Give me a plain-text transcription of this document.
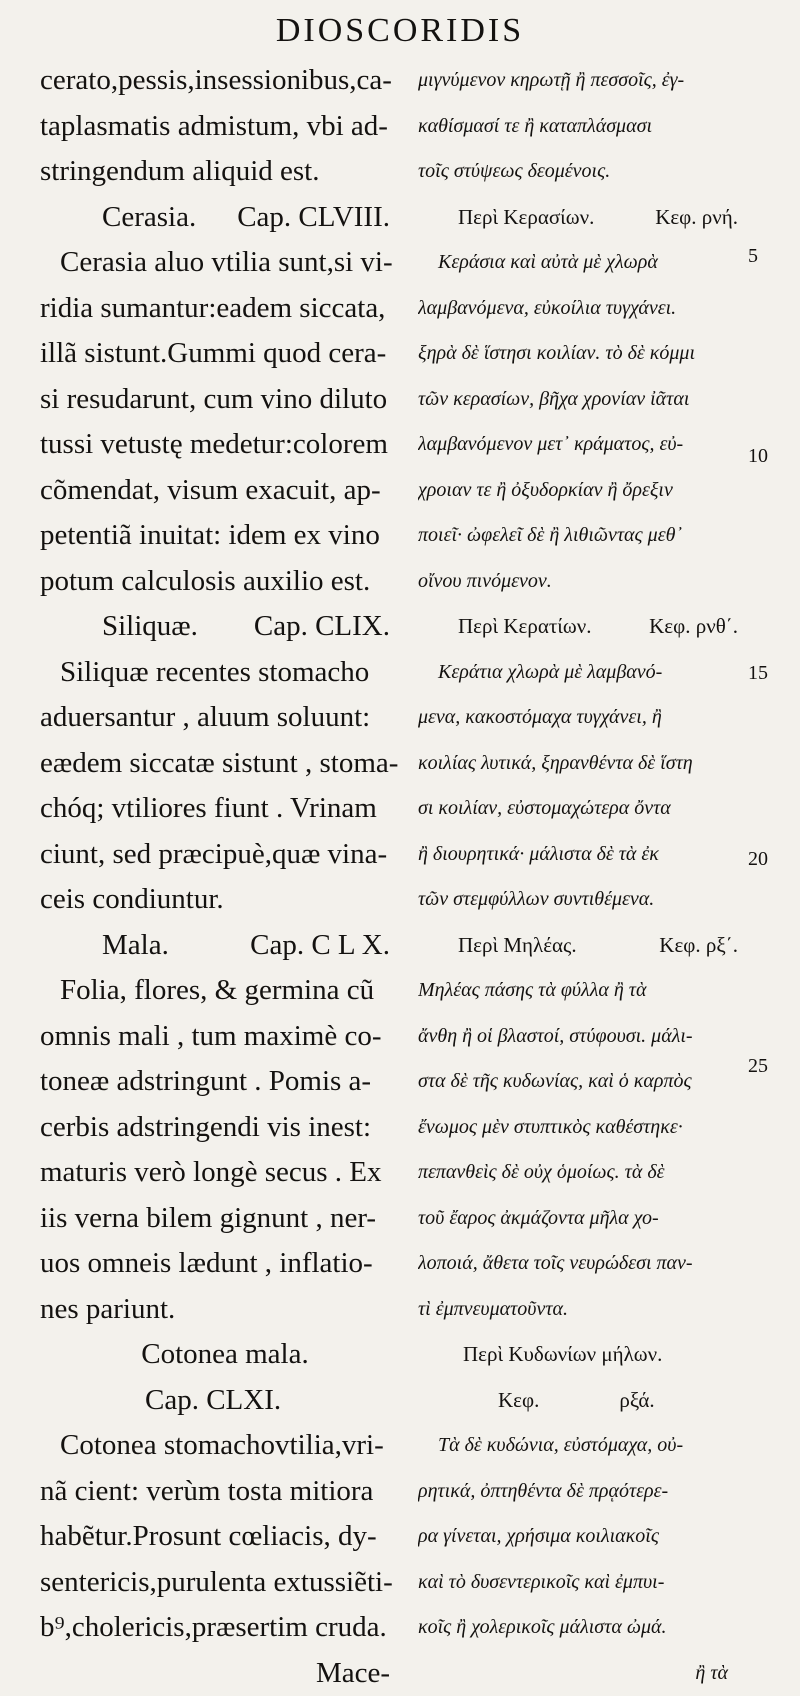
DIOSCORIDIS
cerato,pessis,insessionibus,ca-
taplasmatis admistum, vbi ad-
stringendum aliquid est.
Cerasia. Cap. CLVIII.
Cerasia aluo vtilia sunt,si vi-
ridia sumantur:eadem siccata,
illã sistunt.Gummi quod cera-
si resudarunt, cum vino diluto
tussi vetustę medetur:colorem
cõmendat, visum exacuit, ap-
petentiã inuitat: idem ex vino
potum calculosis auxilio est.
Siliquæ. Cap. CLIX.
Siliquæ recentes stomacho
aduersantur , aluum soluunt:
eædem siccatæ sistunt , stoma-
chóq; vtiliores fiunt . Vrinam
ciunt, sed præcipuè,quæ vina-
ceis condiuntur.
Mala.	Cap. C L X.
Folia, flores, & germina cũ
omnis mali , tum maximè co-
toneæ adstringunt . Pomis a-
cerbis adstringendi vis inest:
maturis verò longè secus . Ex
iis verna bilem gignunt , ner-
uos omneis lædunt , inflatio-
nes pariunt.
Cotonea mala.
Cap. CLXI.
Cotonea stomachovtilia,vri-
nã cient: verùm tosta mitiora
habẽtur.Prosunt cœliacis, dy-
sentericis,purulenta extussiẽti-
b⁹,cholericis,præsertim cruda.
Mace-
μιγνύμενον κηρωτῇ ἢ πεσσοῖς, ἐγ-
καθίσμασί τε ἢ καταπλάσμασι
τοῖς στύψεως δεομένοις.
Περὶ Κερασίων.	Κεφ. ρνή.
Κεράσια καὶ αὐτὰ μὲ χλωρὰ
λαμβανόμενα, εὐκοίλια τυγχάνει.
ξηρὰ δὲ ἵστησι κοιλίαν. τὸ δὲ κόμμι
τῶν κερασίων, βῆχα χρονίαν ἰᾶται
λαμβανόμενον μετ᾽ κράματος, εὐ-
χροιαν τε ἢ ὀξυδορκίαν ἢ ὄρεξιν
ποιεῖ· ὠφελεῖ δὲ ἢ λιθιῶντας μεθ᾽
οἴνου πινόμενον.
Περὶ Κερατίων.	Κεφ. ρνθ΄.
Κεράτια χλωρὰ μὲ λαμβανό-
μενα, κακοστόμαχα τυγχάνει, ἢ
κοιλίας λυτικά, ξηρανθέντα δὲ ἵστη
σι κοιλίαν, εὐστομαχώτερα ὄντα
ἢ διουρητικά· μάλιστα δὲ τὰ ἐκ
τῶν στεμφύλλων συντιθέμενα.
Περὶ Μηλέας.	Κεφ. ρξ΄.
Μηλέας πάσης τὰ φύλλα ἢ τὰ
ἄνθη ἢ οἱ βλαστοί, στύφουσι. μάλι-
στα δὲ τῆς κυδωνίας, καὶ ὁ καρπὸς
ἔνωμος μὲν στυπτικὸς καθέστηκε·
πεπανθεὶς δὲ οὐχ ὁμοίως. τὰ δὲ
τοῦ ἔαρος ἀκμάζοντα μῆλα χο-
λοποιά, ἄθετα τοῖς νευρώδεσι παν-
τὶ ἐμπνευματοῦντα.
Περὶ Κυδωνίων μήλων.
Κεφ.	ρξά.
Τὰ δὲ κυδώνια, εὐστόμαχα, οὐ-
ρητικά, ὀπτηθέντα δὲ πρᾳότερε-
ρα γίνεται, χρήσιμα κοιλιακοῖς
καὶ τὸ δυσεντερικοῖς καὶ ἐμπυι-
κοῖς ἢ χολερικοῖς μάλιστα ὠμά.
ἢ τὰ
5
10
15
20
25
